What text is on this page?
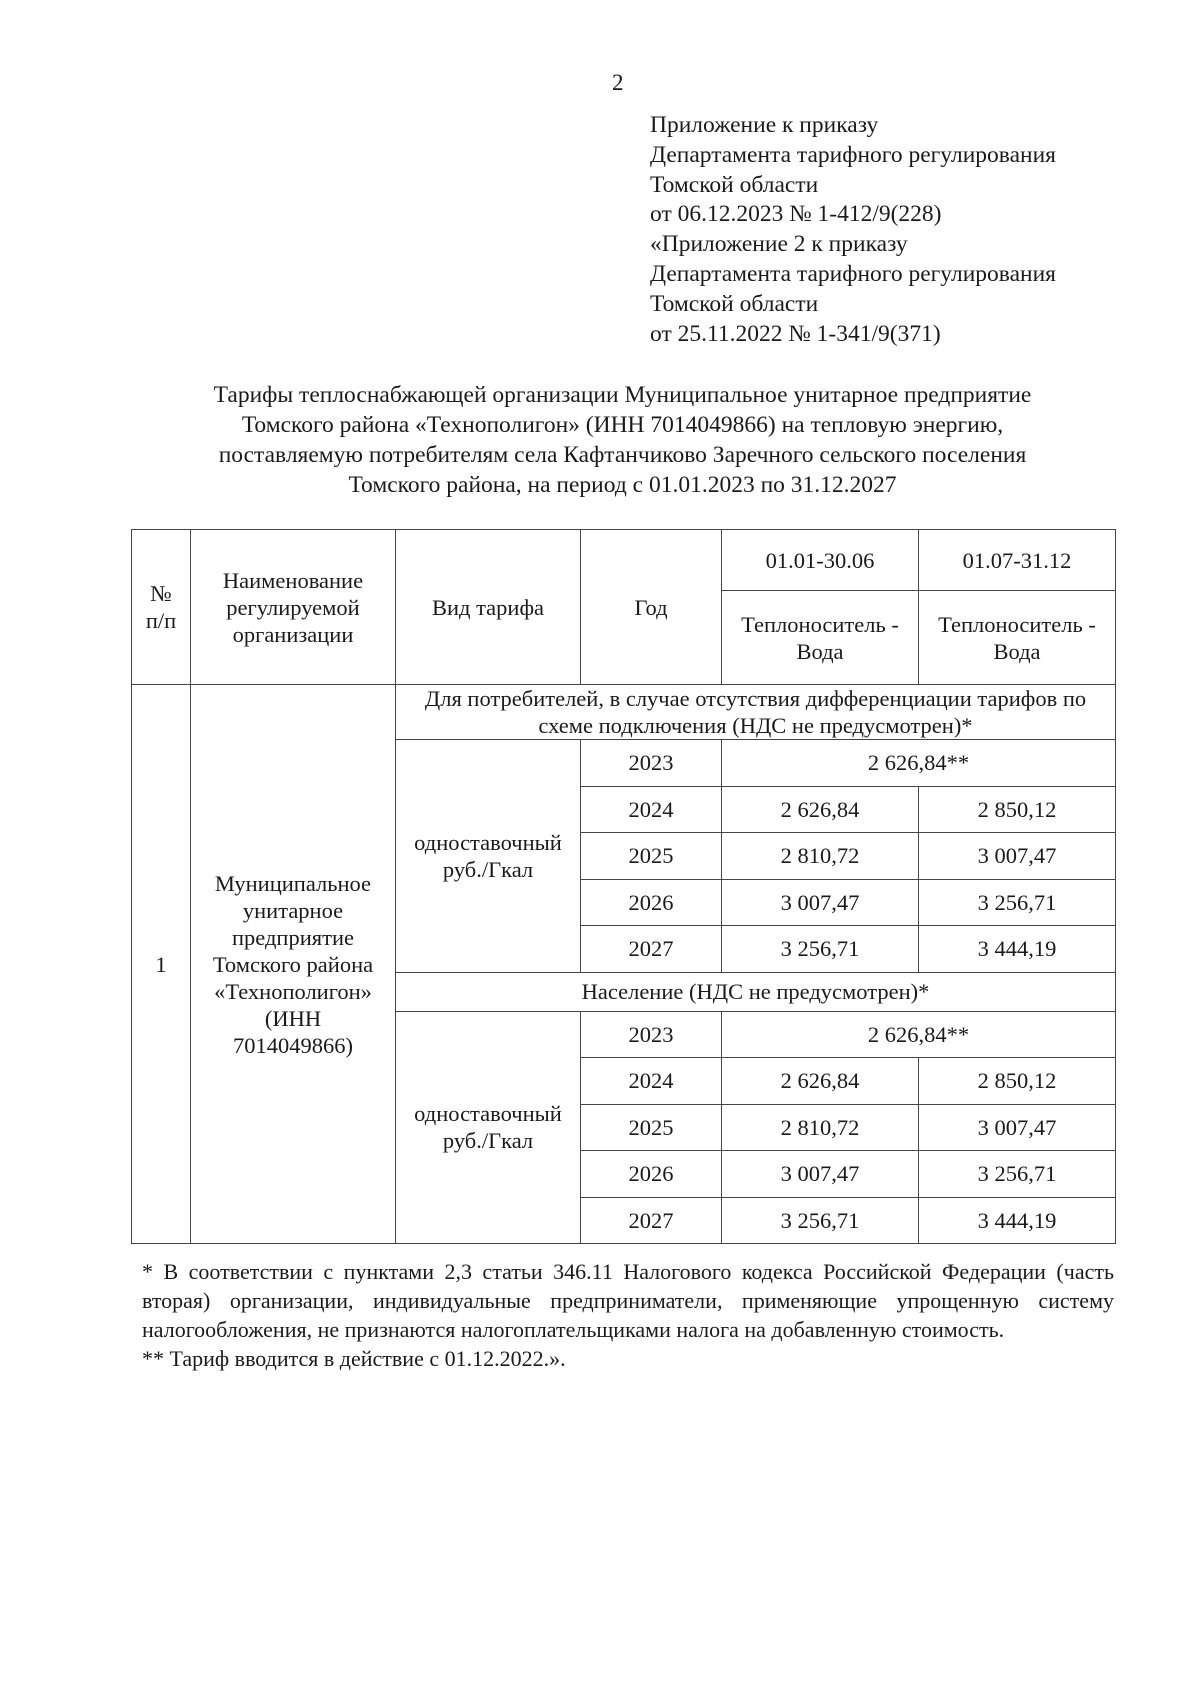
2
Приложение к приказу
Департамента тарифного регулирования
Томской области
от 06.12.2023 № 1-412/9(228)
«Приложение 2 к приказу
Департамента тарифного регулирования
Томской области
от 25.11.2022 № 1-341/9(371)
Тарифы теплоснабжающей организации Муниципальное унитарное предприятие
Томского района «Технополигон» (ИНН 7014049866) на тепловую энергию,
поставляемую потребителям села Кафтанчиково Заречного сельского поселения
Томского района, на период с 01.01.2023 по 31.12.2027
№ п/п	Наименование регулируемой организации	Вид тарифа	Год	01.01-30.06	01.07-31.12
				Теплоноситель - Вода	Теплоноситель - Вода
1	Муниципальное унитарное предприятие Томского района «Технополигон» (ИНН 7014049866)	Для потребителей, в случае отсутствия дифференциации тарифов по схеме подключения (НДС не предусмотрен)*			
		одноставочный руб./Гкал	2023	2 626,84**	
			2024	2 626,84	2 850,12
			2025	2 810,72	3 007,47
			2026	3 007,47	3 256,71
			2027	3 256,71	3 444,19
		Население (НДС не предусмотрен)*			
		одноставочный руб./Гкал	2023	2 626,84**	
			2024	2 626,84	2 850,12
			2025	2 810,72	3 007,47
			2026	3 007,47	3 256,71
			2027	3 256,71	3 444,19

* В соответствии с пунктами 2,3 статьи 346.11 Налогового кодекса Российской Федерации (часть вторая) организации, индивидуальные предприниматели, применяющие упрощенную систему налогообложения, не признаются налогоплательщиками налога на добавленную стоимость.

** Тариф вводится в действие с 01.12.2022.».
